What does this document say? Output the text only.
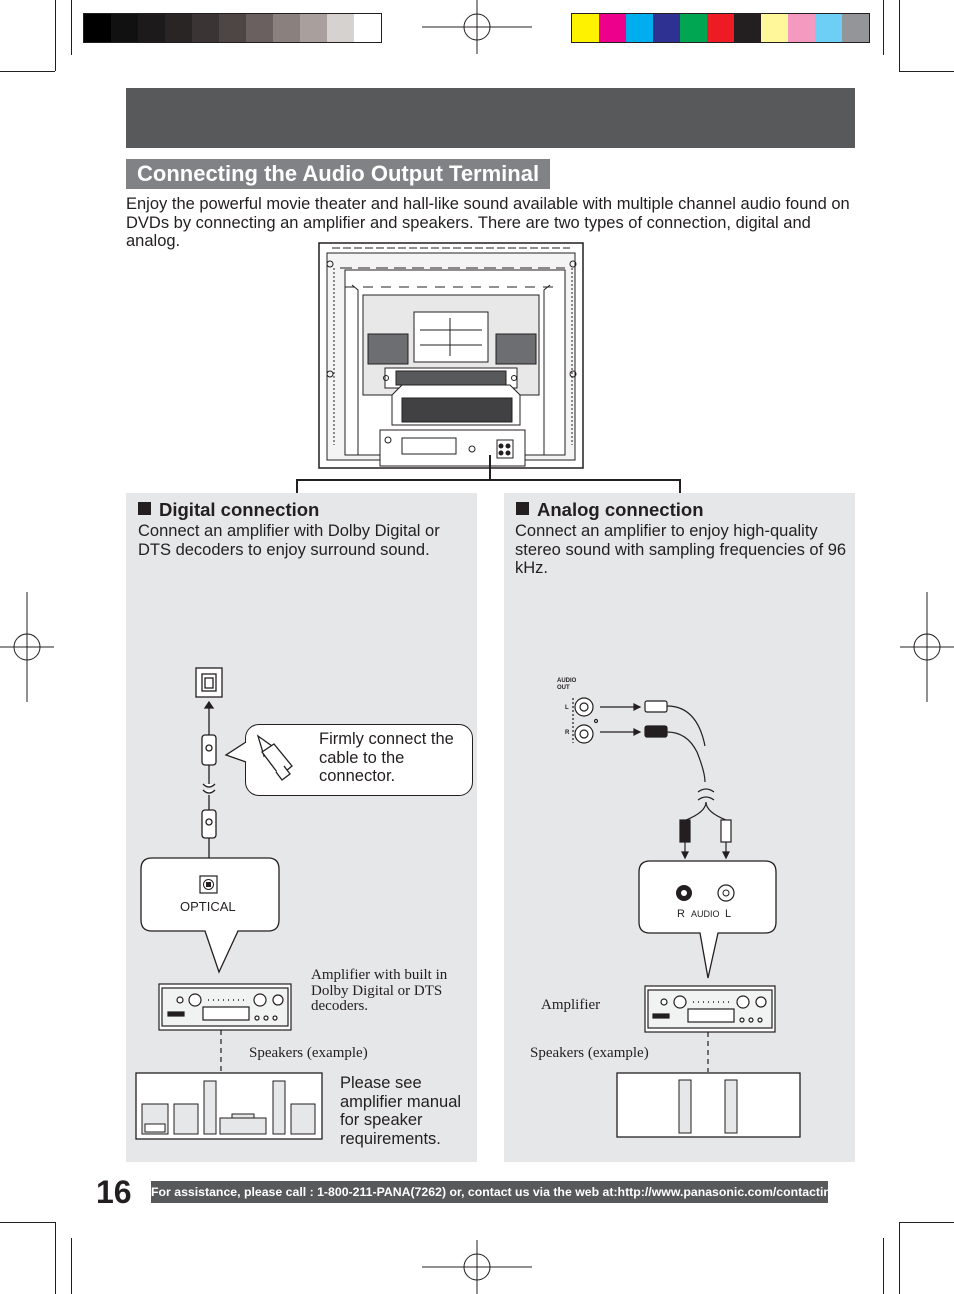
Connecting the Audio Output Terminal
Enjoy the powerful movie theater and hall-like sound available with multiple channel audio found on DVDs by connecting an amplifier and speakers. There are two types of connection, digital and analog.
Digital connection
Connect an amplifier with Dolby Digital or DTS decoders to enjoy surround sound.
Analog connection
Connect an amplifier to enjoy high-quality stereo sound with sampling frequencies of 96 kHz.
Firmly connect the cable to the connector.
OPTICAL
Amplifier with built in Dolby Digital or DTS decoders.
Speakers (example)
Please see amplifier manual for speaker requirements.
AUDIO OUT
L
R
R AUDIO L
Amplifier
Speakers (example)
16 For assistance, please call : 1-800-211-PANA(7262) or, contact us via the web at:http://www.panasonic.com/contactinfo
